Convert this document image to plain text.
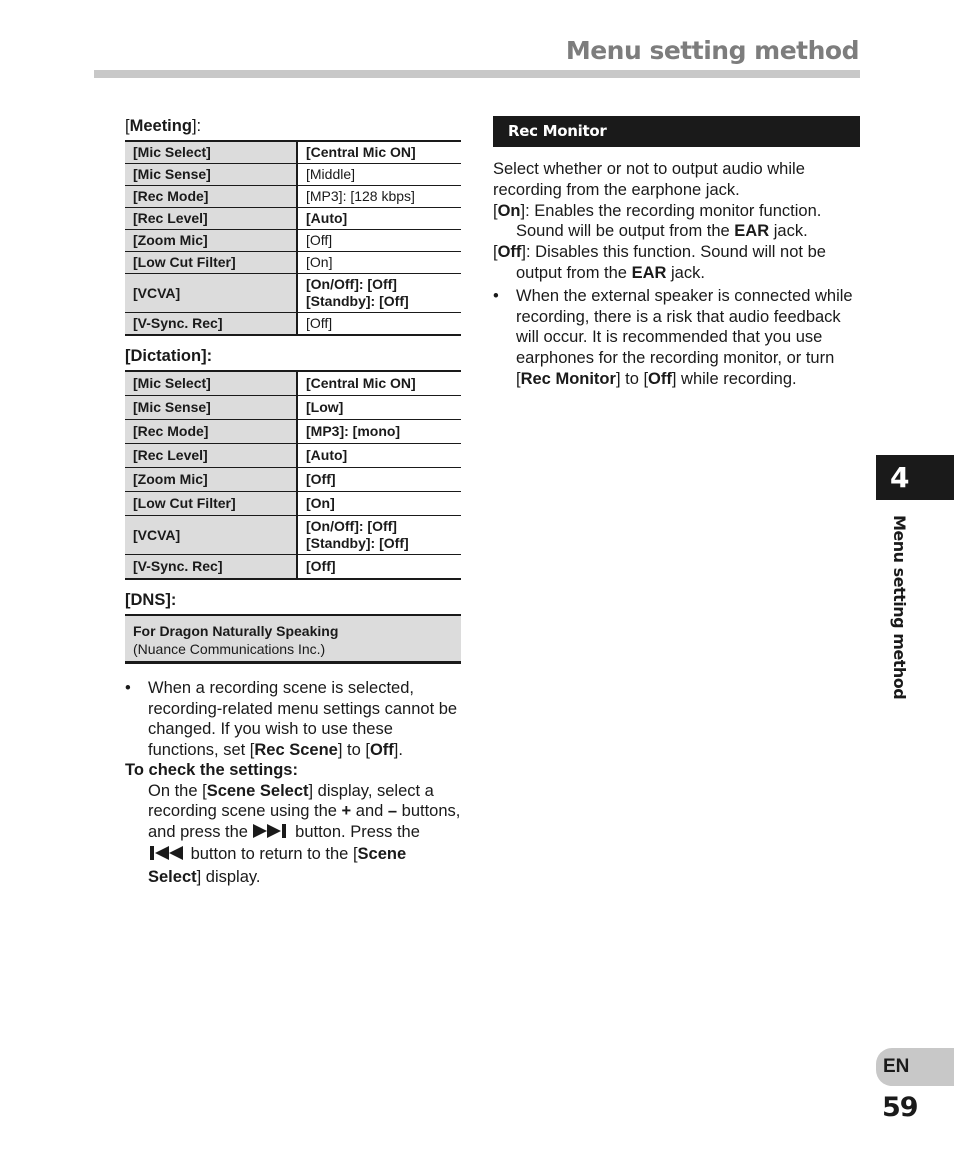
Menu setting method

[Meeting]:

[Mic Select]	[Central Mic ON]
[Mic Sense]	[Middle]
[Rec Mode]	[MP3]: [128 kbps]
[Rec Level]	[Auto]
[Zoom Mic]	[Off]
[Low Cut Filter]	[On]
[VCVA]	[On/Off]: [Off]
[Standby]: [Off]
[V-Sync. Rec]	[Off]

[Dictation]:

[Mic Select]	[Central Mic ON]
[Mic Sense]	[Low]
[Rec Mode]	[MP3]: [mono]
[Rec Level]	[Auto]
[Zoom Mic]	[Off]
[Low Cut Filter]	[On]
[VCVA]	[On/Off]: [Off]
[Standby]: [Off]
[V-Sync. Rec]	[Off]

[DNS]:

For Dragon Naturally Speaking
(Nuance Communications Inc.)
• When a recording scene is selected, recording-related menu settings cannot be changed. If you wish to use these functions, set [Rec Scene] to [Off].
To check the settings:
On the [Scene Select] display, select a recording scene using the + and – buttons, and press the  button. Press the  button to return to the [Scene Select] display.
Rec Monitor
Select whether or not to output audio while recording from the earphone jack.
[On]: Enables the recording monitor function. Sound will be output from the EAR jack.
[Off]: Disables this function. Sound will not be output from the EAR jack.
• When the external speaker is connected while recording, there is a risk that audio feedback will occur. It is recommended that you use earphones for the recording monitor, or turn [Rec Monitor] to [Off] while recording.
4
Menu setting method
EN
59
